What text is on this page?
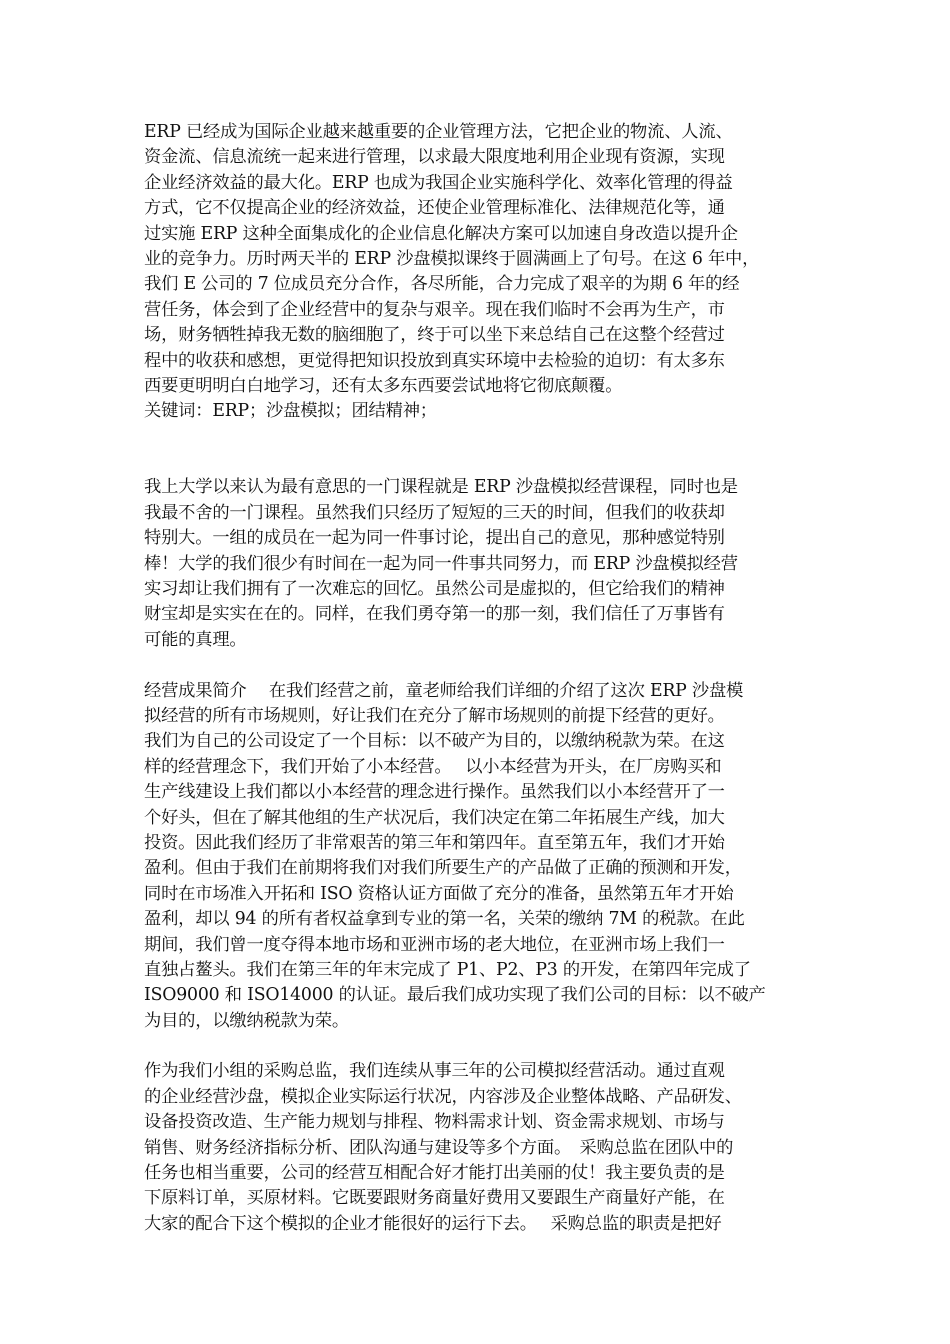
ERP 已经成为国际企业越来越重要的企业管理方法，它把企业的物流、人流、
资金流、信息流统一起来进行管理，以求最大限度地利用企业现有资源，实现
企业经济效益的最大化。ERP 也成为我国企业实施科学化、效率化管理的得益
方式，它不仅提高企业的经济效益，还使企业管理标准化、法律规范化等，通
过实施 ERP 这种全面集成化的企业信息化解决方案可以加速自身改造以提升企
业的竞争力。历时两天半的 ERP 沙盘模拟课终于圆满画上了句号。在这 6 年中，
我们 E 公司的 7 位成员充分合作，各尽所能，合力完成了艰辛的为期 6 年的经
营任务，体会到了企业经营中的复杂与艰辛。现在我们临时不会再为生产，市
场，财务牺牲掉我无数的脑细胞了，终于可以坐下来总结自己在这整个经营过
程中的收获和感想，更觉得把知识投放到真实环境中去检验的迫切：有太多东
西要更明明白白地学习，还有太多东西要尝试地将它彻底颠覆。
关键词：ERP；沙盘模拟；团结精神；
我上大学以来认为最有意思的一门课程就是 ERP 沙盘模拟经营课程，同时也是
我最不舍的一门课程。虽然我们只经历了短短的三天的时间，但我们的收获却
特别大。一组的成员在一起为同一件事讨论，提出自己的意见，那种感觉特别
棒！大学的我们很少有时间在一起为同一件事共同努力，而 ERP 沙盘模拟经营
实习却让我们拥有了一次难忘的回忆。虽然公司是虚拟的，但它给我们的精神
财宝却是实实在在的。同样，在我们勇夺第一的那一刻，我们信任了万事皆有
可能的真理。
经营成果简介　 在我们经营之前，童老师给我们详细的介绍了这次 ERP 沙盘模
拟经营的所有市场规则，好让我们在充分了解市场规则的前提下经营的更好。
我们为自己的公司设定了一个目标：以不破产为目的，以缴纳税款为荣。在这
样的经营理念下，我们开始了小本经营。　 以小本经营为开头，在厂房购买和
生产线建设上我们都以小本经营的理念进行操作。虽然我们以小本经营开了一
个好头，但在了解其他组的生产状况后，我们决定在第二年拓展生产线，加大
投资。因此我们经历了非常艰苦的第三年和第四年。直至第五年，我们才开始
盈利。但由于我们在前期将我们对我们所要生产的产品做了正确的预测和开发，
同时在市场准入开拓和 ISO 资格认证方面做了充分的准备，虽然第五年才开始
盈利，却以 94 的所有者权益拿到专业的第一名，关荣的缴纳 7M 的税款。在此
期间，我们曾一度夺得本地市场和亚洲市场的老大地位，在亚洲市场上我们一
直独占鳌头。我们在第三年的年末完成了 P1、P2、P3 的开发，在第四年完成了
ISO9000 和 ISO14000 的认证。最后我们成功实现了我们公司的目标：以不破产
为目的，以缴纳税款为荣。
作为我们小组的采购总监，我们连续从事三年的公司模拟经营活动。通过直观
的企业经营沙盘，模拟企业实际运行状况，内容涉及企业整体战略、产品研发、
设备投资改造、生产能力规划与排程、物料需求计划、资金需求规划、市场与
销售、财务经济指标分析、团队沟通与建设等多个方面。　采购总监在团队中的
任务也相当重要，公司的经营互相配合好才能打出美丽的仗！我主要负责的是
下原料订单，买原材料。它既要跟财务商量好费用又要跟生产商量好产能，在
大家的配合下这个模拟的企业才能很好的运行下去。　 采购总监的职责是把好
